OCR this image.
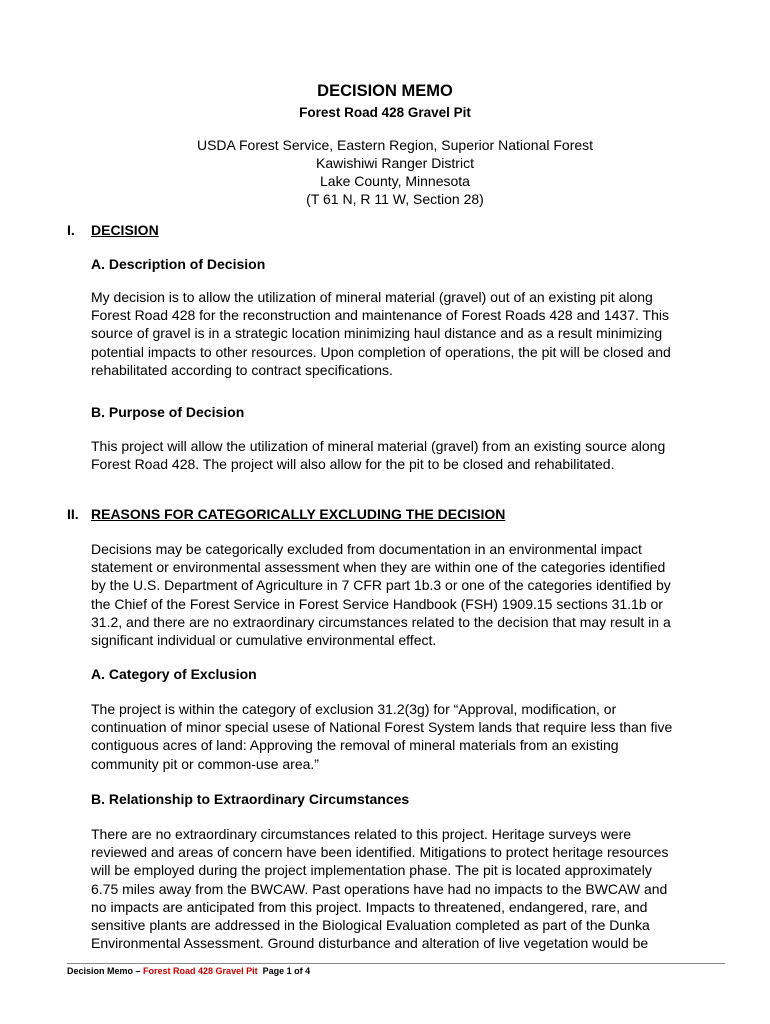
DECISION MEMO
Forest Road 428 Gravel Pit
USDA Forest Service, Eastern Region, Superior National Forest
Kawishiwi Ranger District
Lake County, Minnesota
(T 61 N, R 11 W, Section 28)
I. DECISION
A. Description of Decision
My decision is to allow the utilization of mineral material (gravel) out of an existing pit along
Forest Road 428 for the reconstruction and maintenance of Forest Roads 428 and 1437. This
source of gravel is in a strategic location minimizing haul distance and as a result minimizing
potential impacts to other resources. Upon completion of operations, the pit will be closed and
rehabilitated according to contract specifications.
B. Purpose of Decision
This project will allow the utilization of mineral material (gravel) from an existing source along
Forest Road 428. The project will also allow for the pit to be closed and rehabilitated.
II. REASONS FOR CATEGORICALLY EXCLUDING THE DECISION
Decisions may be categorically excluded from documentation in an environmental impact
statement or environmental assessment when they are within one of the categories identified
by the U.S. Department of Agriculture in 7 CFR part 1b.3 or one of the categories identified by
the Chief of the Forest Service in Forest Service Handbook (FSH) 1909.15 sections 31.1b or
31.2, and there are no extraordinary circumstances related to the decision that may result in a
significant individual or cumulative environmental effect.
A. Category of Exclusion
The project is within the category of exclusion 31.2(3g) for “Approval, modification, or
continuation of minor special usese of National Forest System lands that require less than five
contiguous acres of land: Approving the removal of mineral materials from an existing
community pit or common-use area.”
B. Relationship to Extraordinary Circumstances
There are no extraordinary circumstances related to this project. Heritage surveys were
reviewed and areas of concern have been identified. Mitigations to protect heritage resources
will be employed during the project implementation phase. The pit is located approximately
6.75 miles away from the BWCAW. Past operations have had no impacts to the BWCAW and
no impacts are anticipated from this project. Impacts to threatened, endangered, rare, and
sensitive plants are addressed in the Biological Evaluation completed as part of the Dunka
Environmental Assessment. Ground disturbance and alteration of live vegetation would be
Decision Memo – Forest Road 428 Gravel Pit Page 1 of 4
